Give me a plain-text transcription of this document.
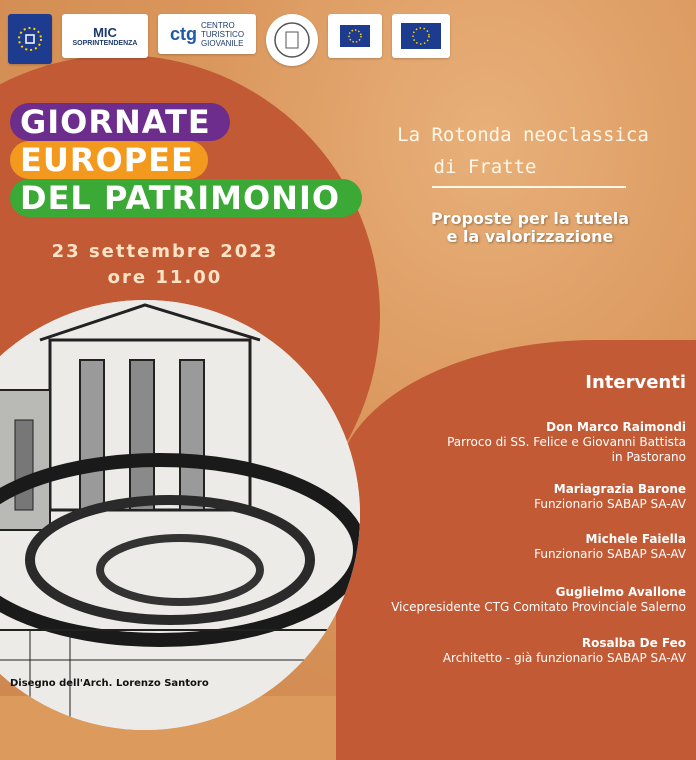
MIC
SOPRINTENDENZA ctg CENTRO
TURISTICO
GIOVANILE
GIORNATE
EUROPEE
DEL PATRIMONIO
23 settembre 2023
ore 11.00
La Rotonda neoclassica
di Fratte
Proposte per la tutela
e la valorizzazione
Interventi
Don Marco Raimondi
Parroco di SS. Felice e Giovanni Battista
in Pastorano
Mariagrazia Barone
Funzionario SABAP SA-AV
Michele Faiella
Funzionario SABAP SA-AV
Guglielmo Avallone
Vicepresidente CTG Comitato Provinciale Salerno
Rosalba De Feo
Architetto - già funzionario SABAP SA-AV
Disegno dell'Arch. Lorenzo Santoro
